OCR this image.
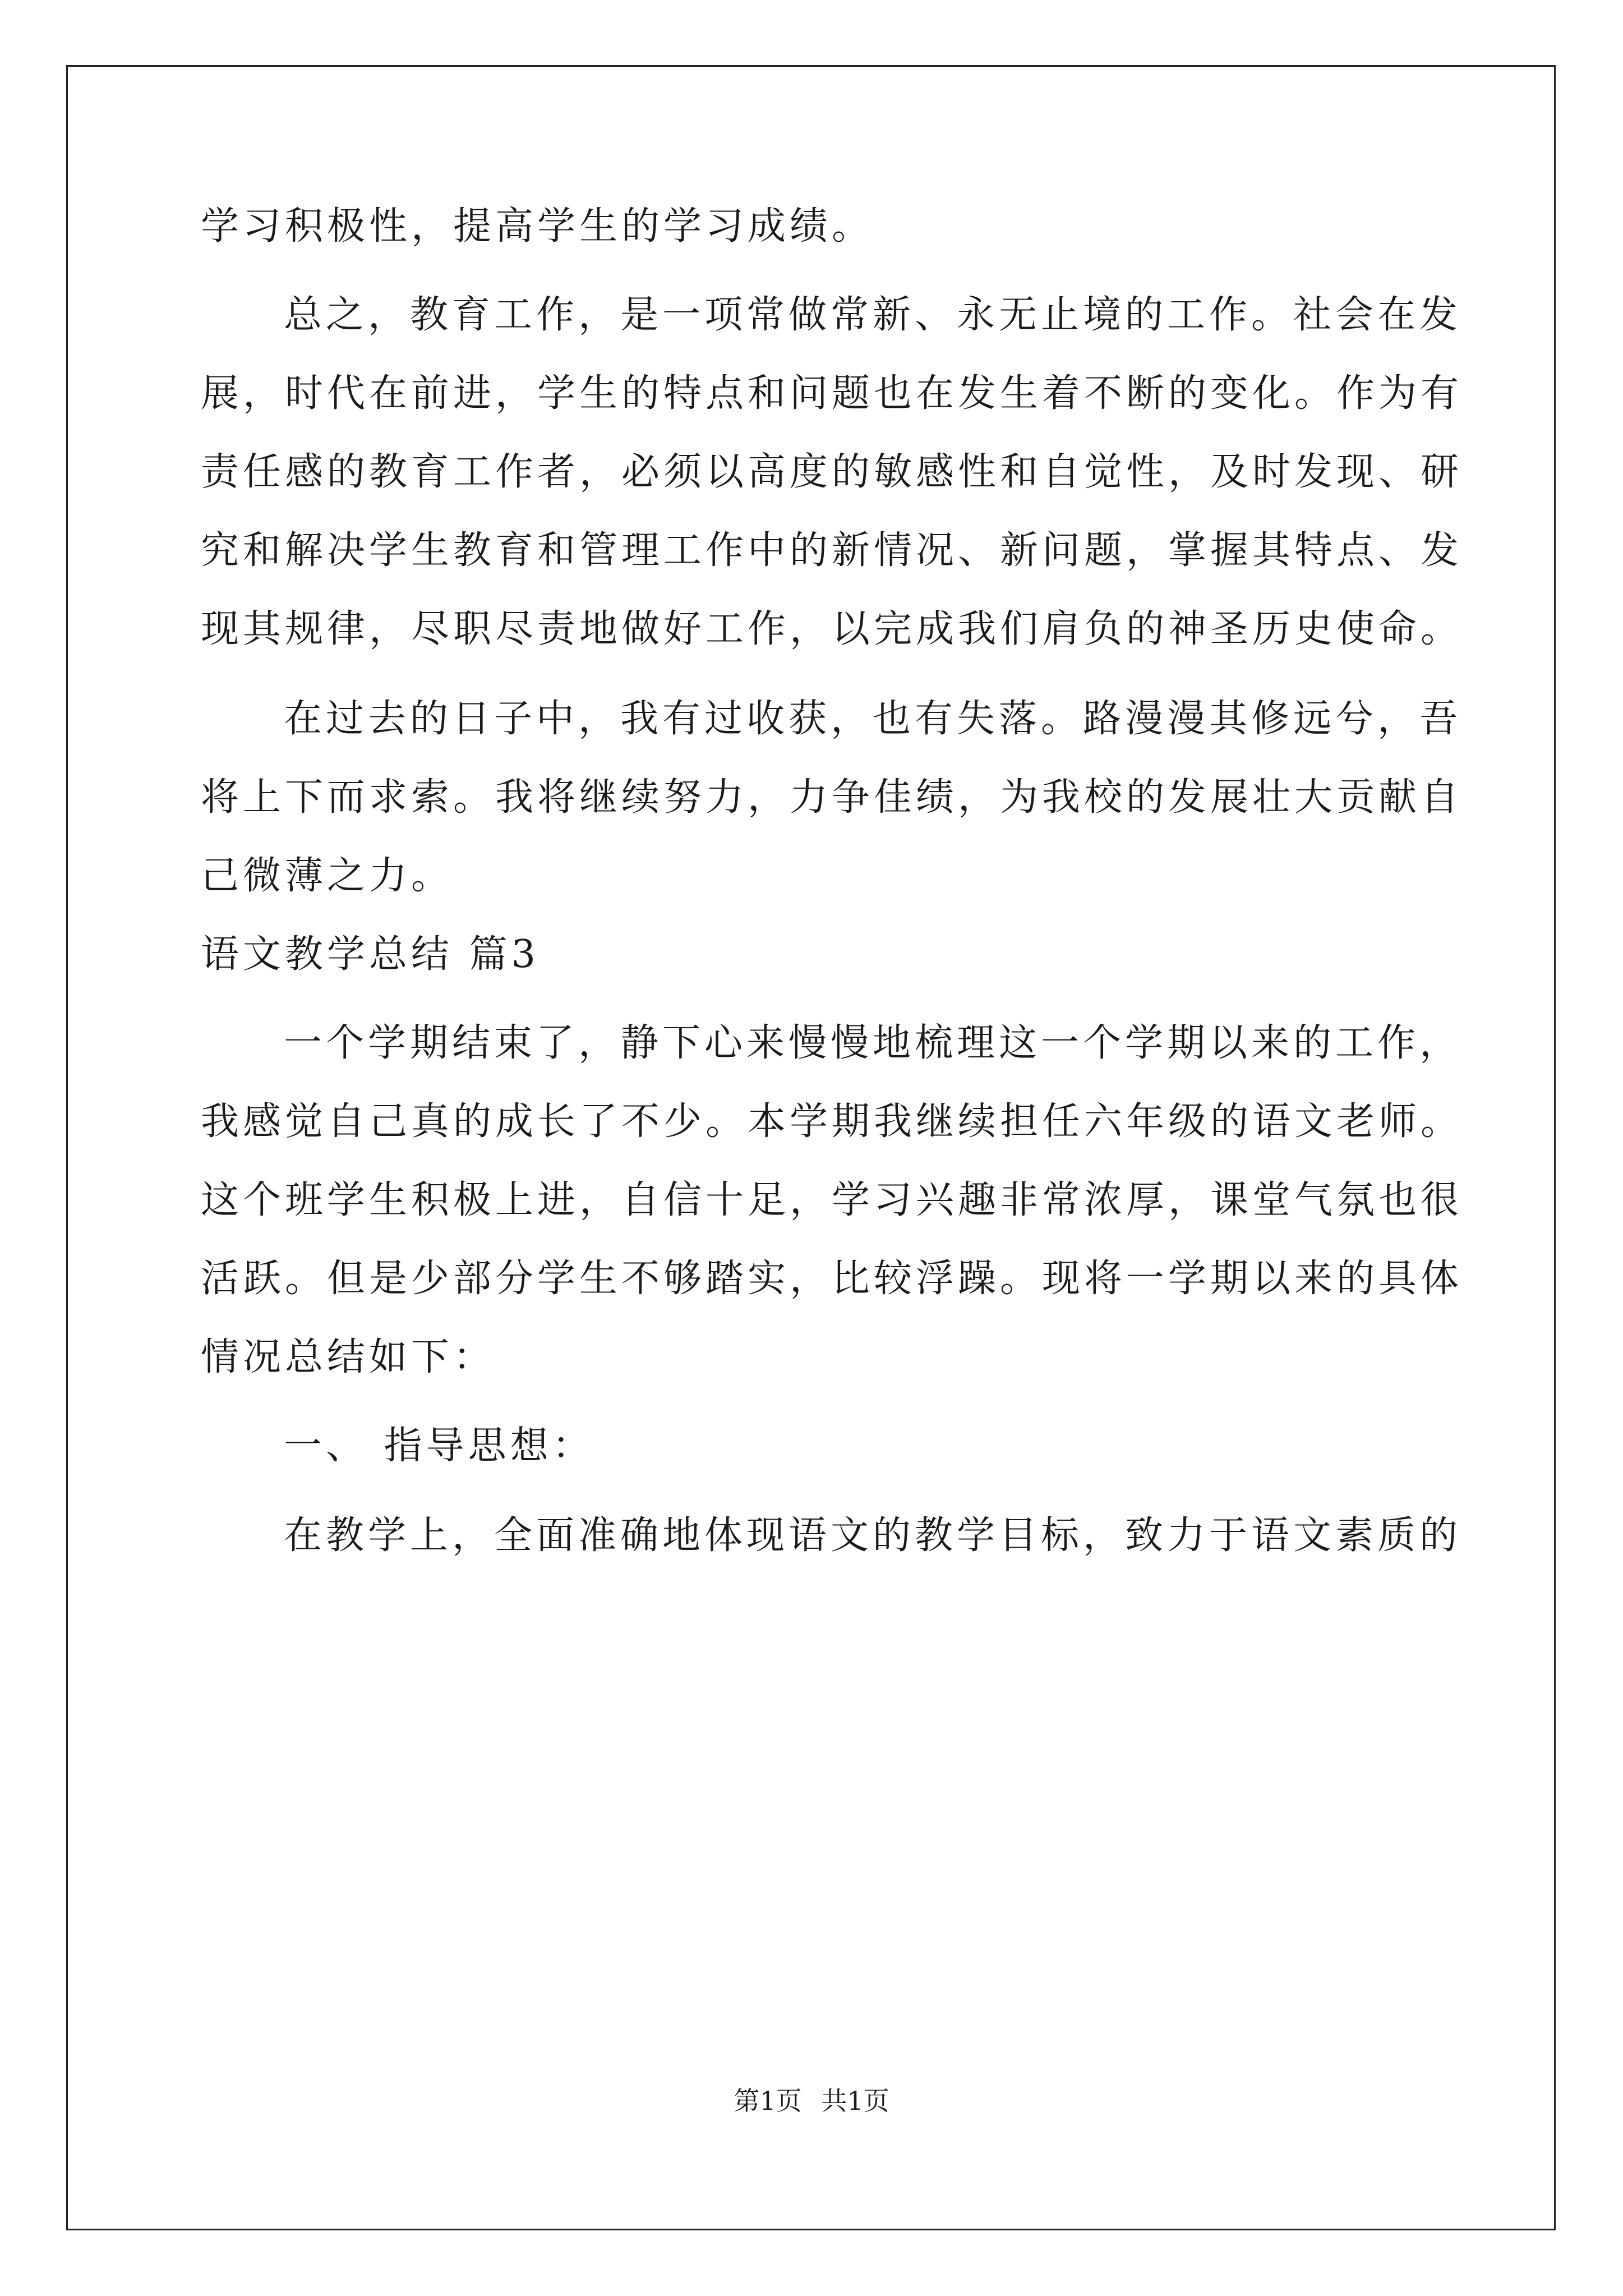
学习积极性，提高学生的学习成绩。
总之，教育工作，是一项常做常新、永无止境的工作。社会在发
展，时代在前进，学生的特点和问题也在发生着不断的变化。作为有
责任感的教育工作者，必须以高度的敏感性和自觉性，及时发现、研
究和解决学生教育和管理工作中的新情况、新问题，掌握其特点、发
现其规律，尽职尽责地做好工作，以完成我们肩负的神圣历史使命。
在过去的日子中，我有过收获，也有失落。路漫漫其修远兮，吾
将上下而求索。我将继续努力，力争佳绩，为我校的发展壮大贡献自
己微薄之力。
语文教学总结 篇3
一个学期结束了，静下心来慢慢地梳理这一个学期以来的工作，
我感觉自己真的成长了不少。本学期我继续担任六年级的语文老师。
这个班学生积极上进，自信十足，学习兴趣非常浓厚，课堂气氛也很
活跃。但是少部分学生不够踏实，比较浮躁。现将一学期以来的具体
情况总结如下：
一、 指导思想：
在教学上，全面准确地体现语文的教学目标，致力于语文素质的
第1页 共1页
